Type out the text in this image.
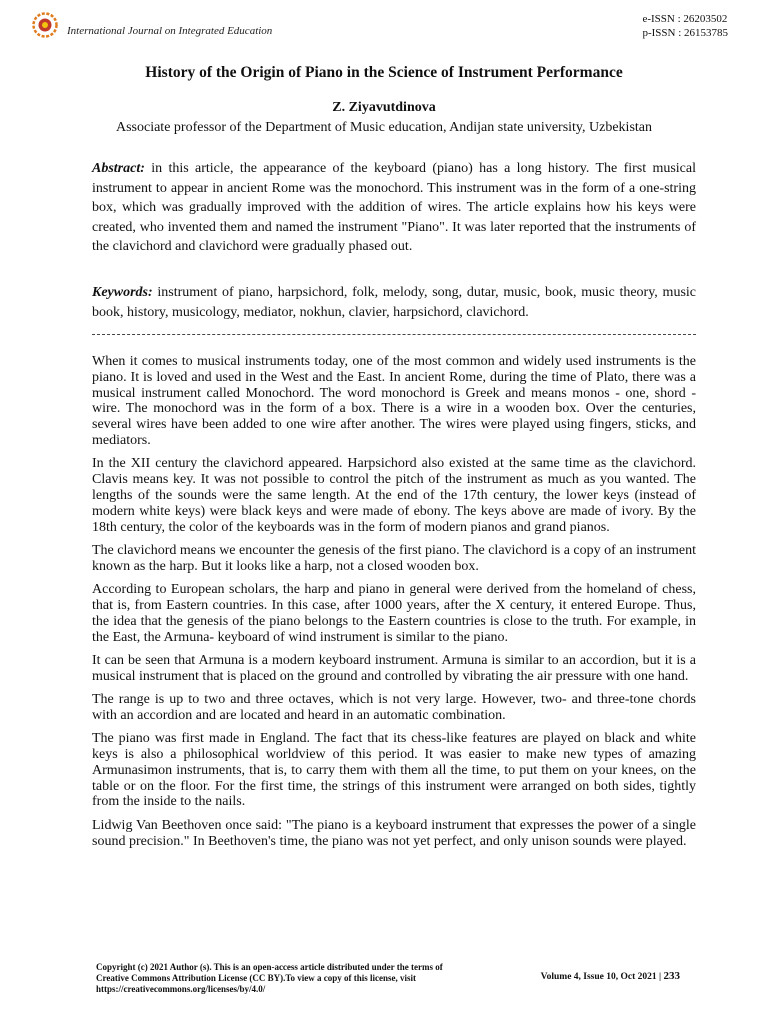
International Journal on Integrated Education
e-ISSN : 26203502
p-ISSN : 26153785
History of the Origin of Piano in the Science of Instrument Performance
Z. Ziyavutdinova
Associate professor of the Department of Music education, Andijan state university, Uzbekistan
Abstract: in this article, the appearance of the keyboard (piano) has a long history. The first musical instrument to appear in ancient Rome was the monochord. This instrument was in the form of a one-string box, which was gradually improved with the addition of wires. The article explains how his keys were created, who invented them and named the instrument "Piano". It was later reported that the instruments of the clavichord and clavichord were gradually phased out.
Keywords: instrument of piano, harpsichord, folk, melody, song, dutar, music, book, music theory, music book, history, musicology, mediator, nokhun, clavier, harpsichord, clavichord.

When it comes to musical instruments today, one of the most common and widely used instruments is the piano. It is loved and used in the West and the East. In ancient Rome, during the time of Plato, there was a musical instrument called Monochord. The word monochord is Greek and means monos - one, shord - wire. The monochord was in the form of a box. There is a wire in a wooden box. Over the centuries, several wires have been added to one wire after another. The wires were played using fingers, sticks, and mediators.

In the XII century the clavichord appeared. Harpsichord also existed at the same time as the clavichord. Clavis means key. It was not possible to control the pitch of the instrument as much as you wanted. The lengths of the sounds were the same length. At the end of the 17th century, the lower keys (instead of modern white keys) were black keys and were made of ebony. The keys above are made of ivory. By the 18th century, the color of the keyboards was in the form of modern pianos and grand pianos.

The clavichord means we encounter the genesis of the first piano. The clavichord is a copy of an instrument known as the harp. But it looks like a harp, not a closed wooden box.

According to European scholars, the harp and piano in general were derived from the homeland of chess, that is, from Eastern countries. In this case, after 1000 years, after the X century, it entered Europe. Thus, the idea that the genesis of the piano belongs to the Eastern countries is close to the truth. For example, in the East, the Armuna- keyboard of wind instrument is similar to the piano.

It can be seen that Armuna is a modern keyboard instrument. Armuna is similar to an accordion, but it is a musical instrument that is placed on the ground and controlled by vibrating the air pressure with one hand.

The range is up to two and three octaves, which is not very large. However, two- and three-tone chords with an accordion and are located and heard in an automatic combination.

The piano was first made in England. The fact that its chess-like features are played on black and white keys is also a philosophical worldview of this period. It was easier to make new types of amazing Armunasimon instruments, that is, to carry them with them all the time, to put them on your knees, on the table or on the floor. For the first time, the strings of this instrument were arranged on both sides, tightly from the inside to the nails.

Lidwig Van Beethoven once said: "The piano is a keyboard instrument that expresses the power of a single sound precision." In Beethoven's time, the piano was not yet perfect, and only unison sounds were played.

Copyright (c) 2021 Author (s). This is an open-access article distributed under the terms of Creative Commons Attribution License (CC BY).To view a copy of this license, visit https://creativecommons.org/licenses/by/4.0/
Volume 4, Issue 10, Oct 2021 | 233
